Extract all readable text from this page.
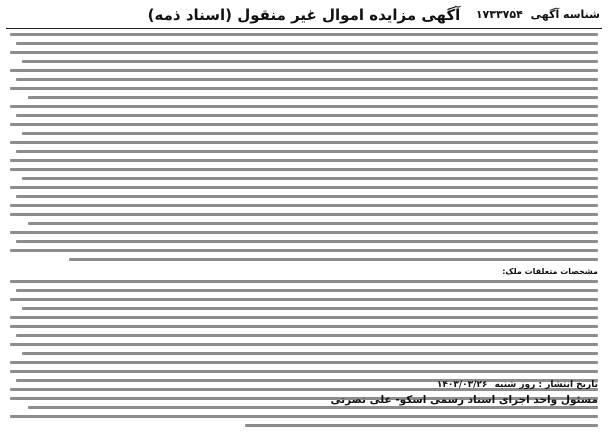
شناسه آگهی ۱۷۳۳۷۵۴
آگهی مزایده اموال غیر منقول (اسناد ذمه)
مشخصات متعلقات ملک:
تاریخ انتشار : روز شنبه ۱۴۰۳/۰۳/۲۶
مسئول واحد اجرای اسناد رسمی اسکو- علی نصرتی
